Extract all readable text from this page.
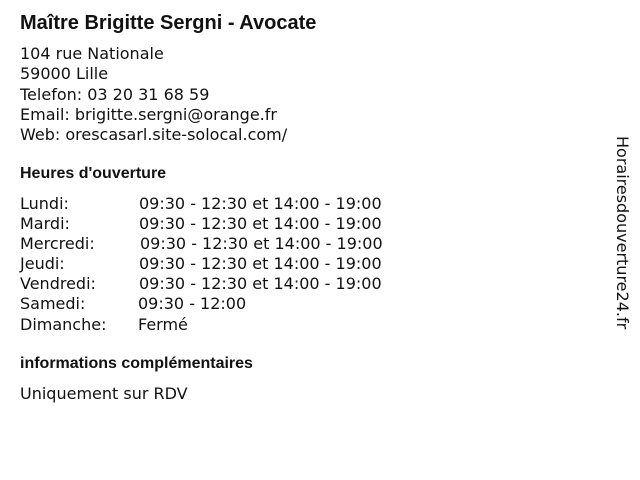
Maître Brigitte Sergni - Avocate
104 rue Nationale
59000 Lille
Telefon: 03 20 31 68 59
Email: brigitte.sergni@orange.fr
Web: orescasarl.site-solocal.com/
Heures d'ouverture
Lundi:	09:30 - 12:30 et 14:00 - 19:00
Mardi:	09:30 - 12:30 et 14:00 - 19:00
Mercredi:	09:30 - 12:30 et 14:00 - 19:00
Jeudi:	09:30 - 12:30 et 14:00 - 19:00
Vendredi:	09:30 - 12:30 et 14:00 - 19:00
Samedi:	09:30 - 12:00
Dimanche: Fermé
informations complémentaires
Uniquement sur RDV
Horairesdouverture24.fr
